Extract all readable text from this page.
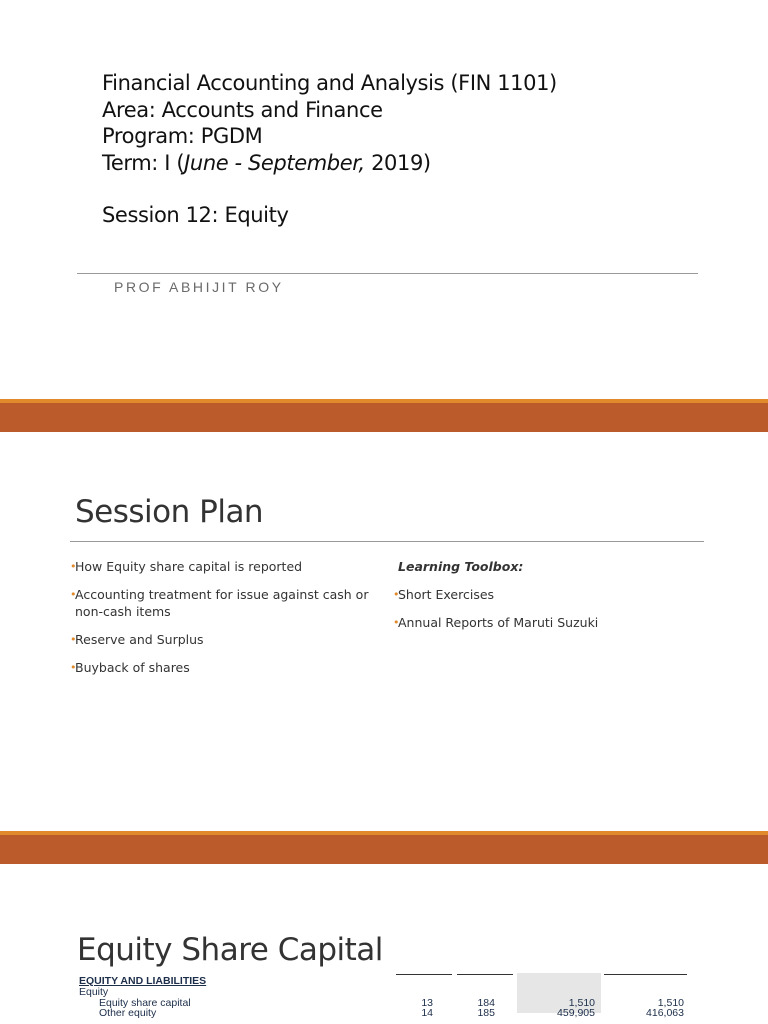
Financial Accounting and Analysis (FIN 1101)
Area: Accounts and Finance
Program: PGDM
Term: I (June - September, 2019)
Session 12: Equity
PROF ABHIJIT ROY
Session Plan
•
How Equity share capital is reported
•
Accounting treatment for issue against cash or non-cash items
•
Reserve and Surplus
•
Buyback of shares
Learning Toolbox:
•
Short Exercises
•
Annual Reports of Maruti Suzuki
Equity Share Capital
EQUITY AND LIABILITIES
Equity
Equity share capital	13	184	1,510	1,510
Other equity	14	185	459,905	416,063
